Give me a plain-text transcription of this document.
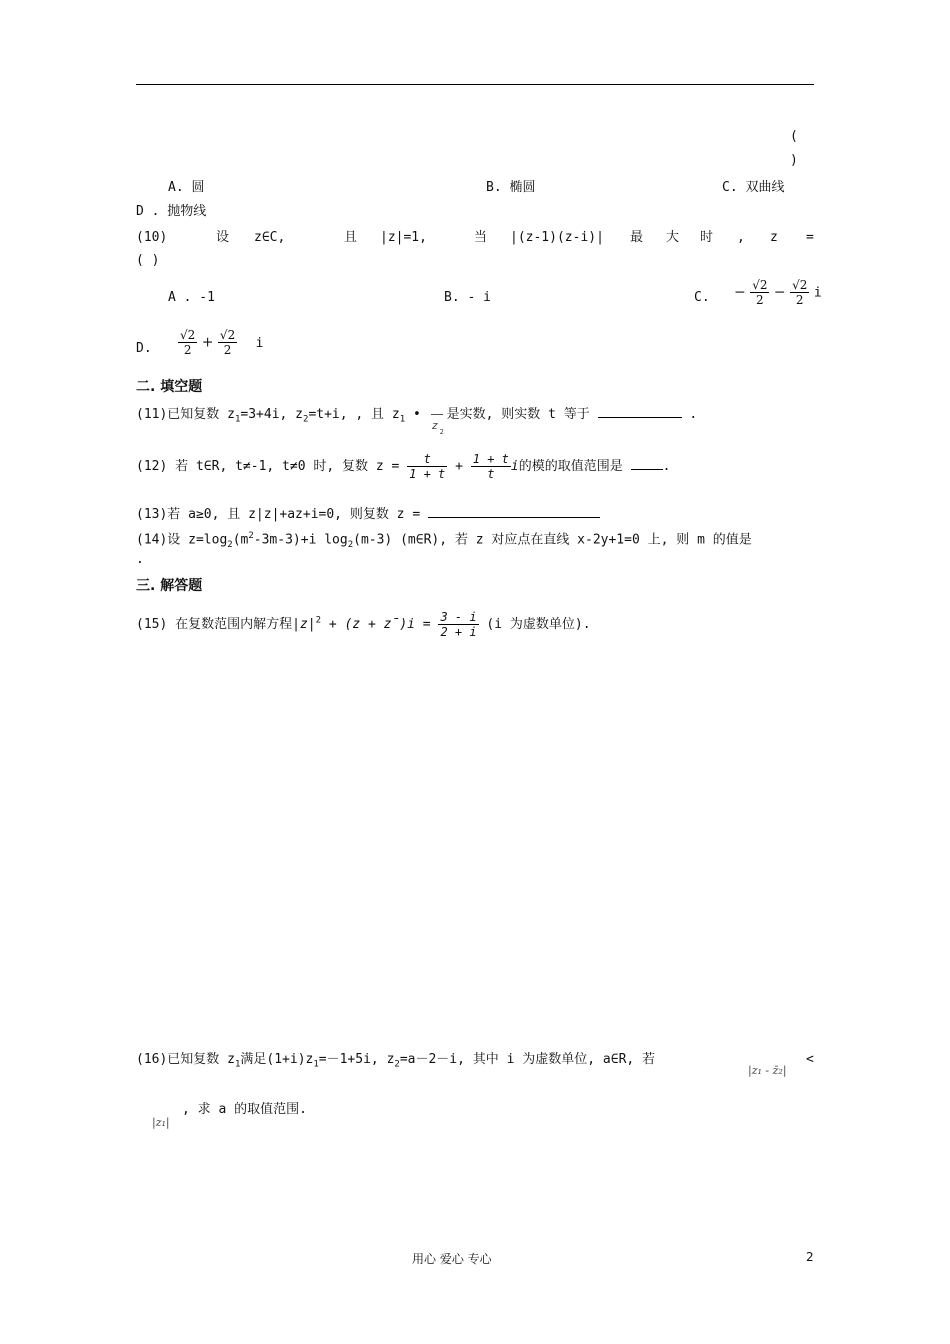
(
)
A. 圆	B. 椭圆	C. 双曲线
D . 抛物线
(10)	设 z∈C,	且 |z|=1,	当 |(z-1)(z-i)| 最 大 时 , z =
( )
A . -1	B. - i	C. − $\frac{√2}{2} - \frac{√2}{2}$ i
D. $\frac{√2}{2} + \frac{√2}{2}$ i
二. 填空题
(11)已知复数 $z_1=3+4i$, $z_2=t+i$, , 且 $z_1$ •
z 2
是实数, 则实数 t 等于	.
(12) 若 t∈R, t≠-1, t≠0 时, 复数 $z = \frac{t}{1 + t} + \frac{1 + t}{t}$ i的模的取值范围是	.
(13)若 a≥0, 且 z|z|+az+i=0, 则复数 z =
(14)设 $z=\log_2(m^2-3m-3)+i$ $\log_2(m-3)$ (m∈R), 若 z 对应点在直线 x-2y+1=0 上, 则 m 的值是
.
三. 解答题
(15) 在复数范围内解方程$|z|^2 + (z$ + z̄)i = $\frac{3 - i}{2 + i} (i$ 为虚数单位).
(16)已知复数 $z_1$满足$(1+i)z_1=-1+5i$, $z_2=a-2-i$, 其中 i 为虚数单位, a∈R, 若
|z₁ - z̄₂|
<
|z₁|
, 求 a 的取值范围.
用心 爱心 专心	2
